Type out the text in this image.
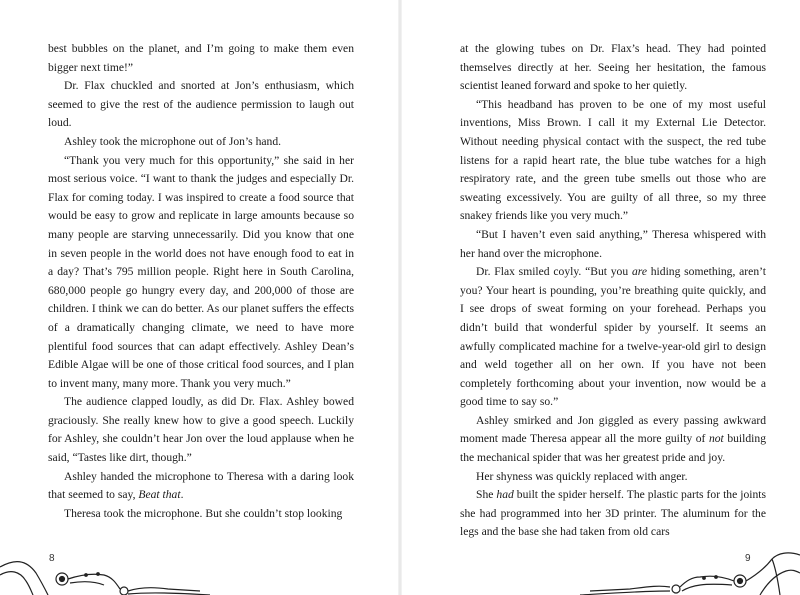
best bubbles on the planet, and I’m going to make them even bigger next time!”

Dr. Flax chuckled and snorted at Jon’s enthusiasm, which seemed to give the rest of the audience permission to laugh out loud.

Ashley took the microphone out of Jon’s hand.

“Thank you very much for this opportunity,” she said in her most serious voice. “I want to thank the judges and especially Dr. Flax for coming today. I was inspired to create a food source that would be easy to grow and replicate in large amounts because so many people are starving unnecessarily. Did you know that one in seven people in the world does not have enough food to eat in a day? That’s 795 million people. Right here in South Carolina, 680,000 people go hungry every day, and 200,000 of those are children. I think we can do better. As our planet suffers the effects of a dramatically changing climate, we need to have more plentiful food sources that can adapt effectively. Ashley Dean’s Edible Algae will be one of those critical food sources, and I plan to invent many, many more. Thank you very much.”

The audience clapped loudly, as did Dr. Flax. Ashley bowed graciously. She really knew how to give a good speech. Luckily for Ashley, she couldn’t hear Jon over the loud applause when he said, “Tastes like dirt, though.”

Ashley handed the microphone to Theresa with a daring look that seemed to say, Beat that.

Theresa took the microphone. But she couldn’t stop looking

at the glowing tubes on Dr. Flax’s head. They had pointed themselves directly at her. Seeing her hesitation, the famous scientist leaned forward and spoke to her quietly.

“This headband has proven to be one of my most useful inventions, Miss Brown. I call it my External Lie Detector. Without needing physical contact with the suspect, the red tube listens for a rapid heart rate, the blue tube watches for a high respiratory rate, and the green tube smells out those who are sweating excessively. You are guilty of all three, so my three snakey friends like you very much.”

“But I haven’t even said anything,” Theresa whispered with her hand over the microphone.

Dr. Flax smiled coyly. “But you are hiding something, aren’t you? Your heart is pounding, you’re breathing quite quickly, and I see drops of sweat forming on your forehead. Perhaps you didn’t build that wonderful spider by yourself. It seems an awfully complicated machine for a twelve-year-old girl to design and weld together all on her own. If you have not been completely forthcoming about your invention, now would be a good time to say so.”

Ashley smirked and Jon giggled as every passing awkward moment made Theresa appear all the more guilty of not building the mechanical spider that was her greatest pride and joy.

Her shyness was quickly replaced with anger.

She had built the spider herself. The plastic parts for the joints she had programmed into her 3D printer. The aluminum for the legs and the base she had taken from old cars

8	9
